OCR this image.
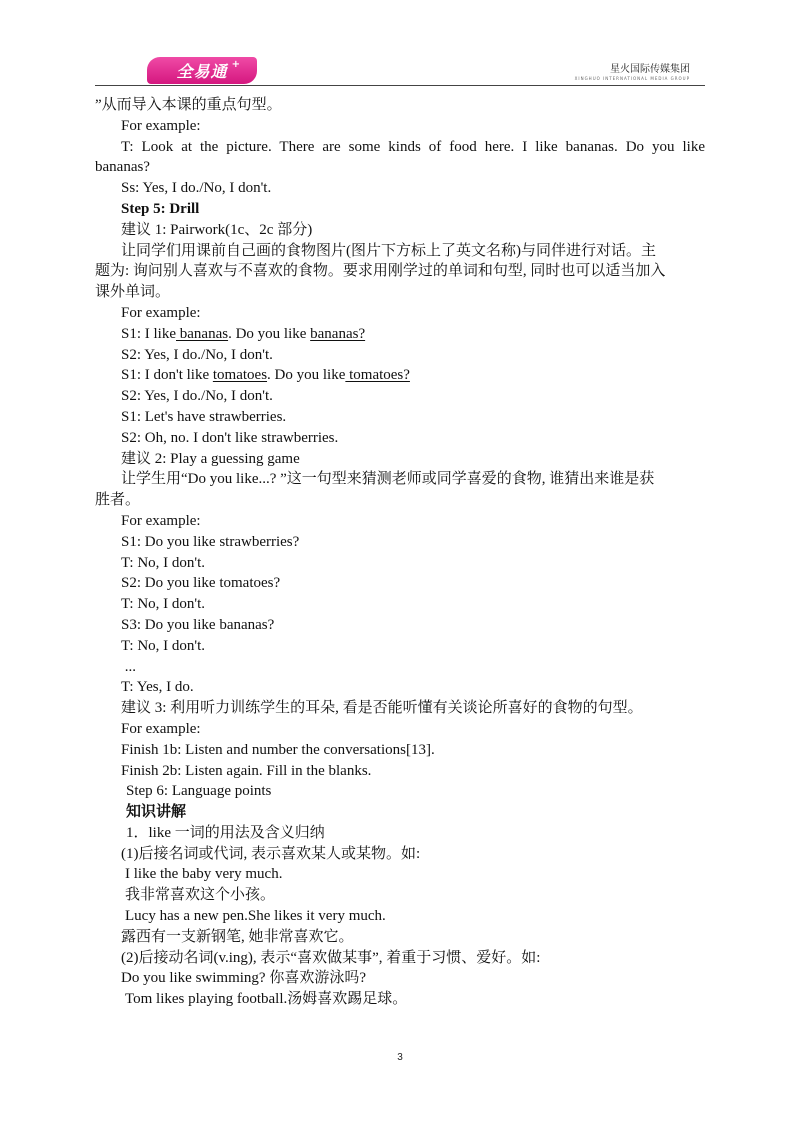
全易通 +	星火国际传媒集团
XINGHUO INTERNATIONAL MEDIA GROUP
”从而导入本课的重点句型。
For example:
T: Look at the picture. There are some kinds of food here. I like bananas. Do you like
bananas?
Ss: Yes, I do./No, I don't.
Step 5: Drill
建议 1: Pairwork(1c、2c 部分)
让同学们用课前自己画的食物图片(图片下方标上了英文名称)与同伴进行对话。主
题为: 询问别人喜欢与不喜欢的食物。要求用刚学过的单词和句型, 同时也可以适当加入
课外单词。
For example:
S1: I like bananas. Do you like bananas?
S2: Yes, I do./No, I don't.
S1: I don't like tomatoes. Do you like tomatoes?
S2: Yes, I do./No, I don't.
S1: Let's have strawberries.
S2: Oh, no. I don't like strawberries.
建议 2: Play a guessing game
让学生用“Do you like...? ”这一句型来猜测老师或同学喜爱的食物, 谁猜出来谁是获
胜者。
For example:
S1: Do you like strawberries?
T: No, I don't.
S2: Do you like tomatoes?
T: No, I don't.
S3: Do you like bananas?
T: No, I don't.
...
T: Yes, I do.
建议 3: 利用听力训练学生的耳朵, 看是否能听懂有关谈论所喜好的食物的句型。
For example:
Finish 1b: Listen and number the conversations[13].
Finish 2b: Listen again. Fill in the blanks.
Step 6: Language points
知识讲解
1．like 一词的用法及含义归纳
(1)后接名词或代词, 表示喜欢某人或某物。如:
I like the baby very much.
我非常喜欢这个小孩。
Lucy has a new pen.She likes it very much.
露西有一支新钢笔, 她非常喜欢它。
(2)后接动名词(v.ing), 表示“喜欢做某事”, 着重于习惯、爱好。如:
Do you like swimming? 你喜欢游泳吗?
Tom likes playing football.汤姆喜欢踢足球。
3
